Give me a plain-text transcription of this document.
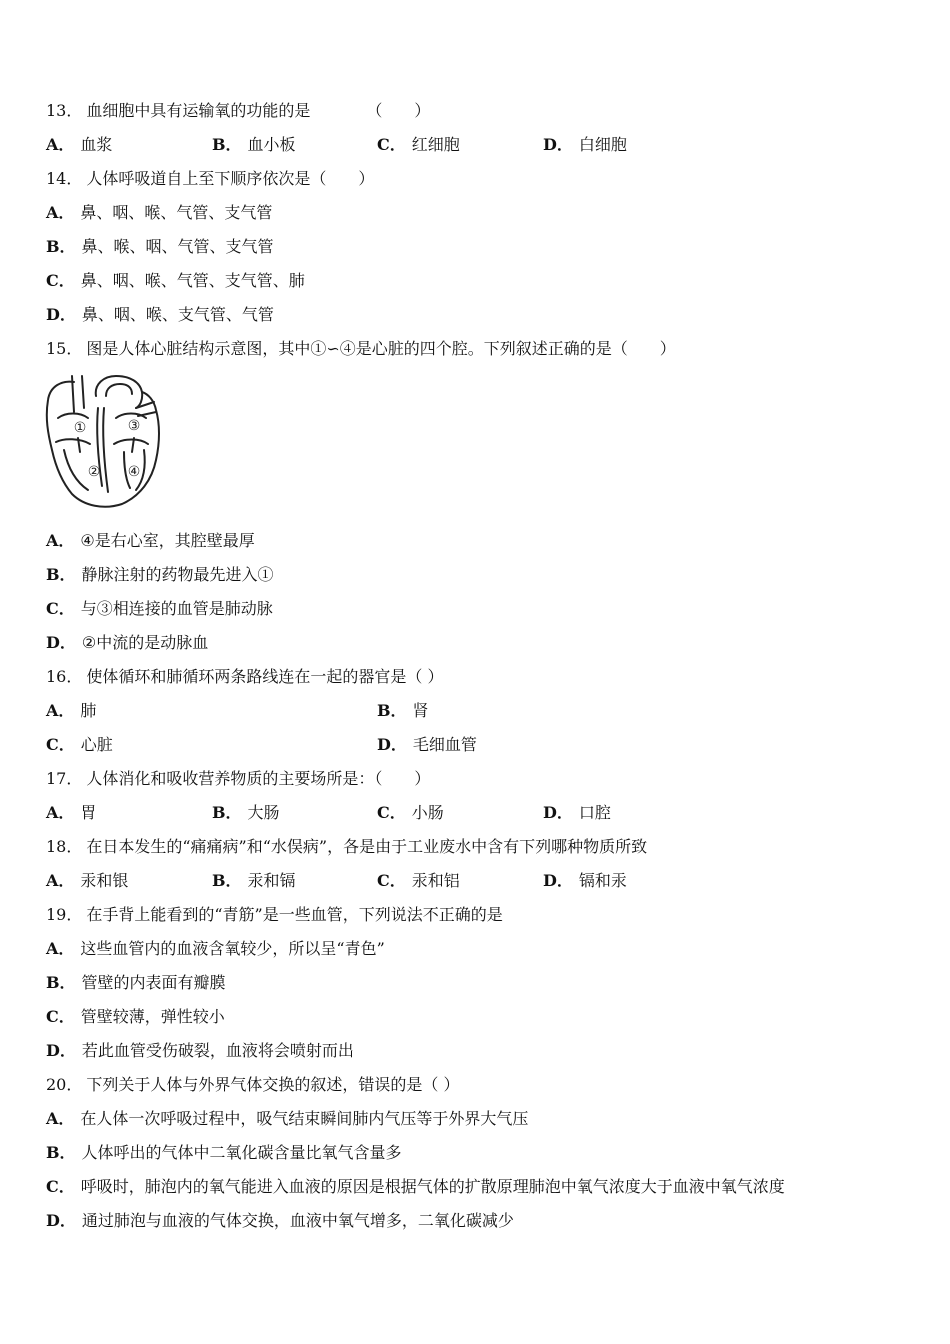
13． 血细胞中具有运输氧的功能的是　　　　（　　）
A． 血浆	B． 血小板	C． 红细胞	D． 白细胞
14． 人体呼吸道自上至下顺序依次是（　　）
A． 鼻、咽、喉、气管、支气管
B． 鼻、喉、咽、气管、支气管
C． 鼻、咽、喉、气管、支气管、肺
D． 鼻、咽、喉、支气管、气管
15． 图是人体心脏结构示意图，其中①∽④是心脏的四个腔。下列叙述正确的是（　　）
①
②
③
④
A． ④是右心室，其腔壁最厚
B． 静脉注射的药物最先进入①
C． 与③相连接的血管是肺动脉
D． ②中流的是动脉血
16． 使体循环和肺循环两条路线连在一起的器官是（ ）
A． 肺	B． 肾
C． 心脏	D． 毛细血管
17． 人体消化和吸收营养物质的主要场所是：（　　）
A． 胃	B． 大肠	C． 小肠	D． 口腔
18． 在日本发生的“痛痛病”和“水俣病”，各是由于工业废水中含有下列哪种物质所致
A． 汞和银	B． 汞和镉	C． 汞和铝	D． 镉和汞
19． 在手背上能看到的“青筋”是一些血管，下列说法不正确的是
A． 这些血管内的血液含氧较少，所以呈“青色”
B． 管壁的内表面有瓣膜
C． 管壁较薄，弹性较小
D． 若此血管受伤破裂，血液将会喷射而出
20． 下列关于人体与外界气体交换的叙述，错误的是（ ）
A． 在人体一次呼吸过程中，吸气结束瞬间肺内气压等于外界大气压
B． 人体呼出的气体中二氧化碳含量比氧气含量多
C． 呼吸时，肺泡内的氧气能进入血液的原因是根据气体的扩散原理肺泡中氧气浓度大于血液中氧气浓度
D． 通过肺泡与血液的气体交换，血液中氧气增多，二氧化碳减少
